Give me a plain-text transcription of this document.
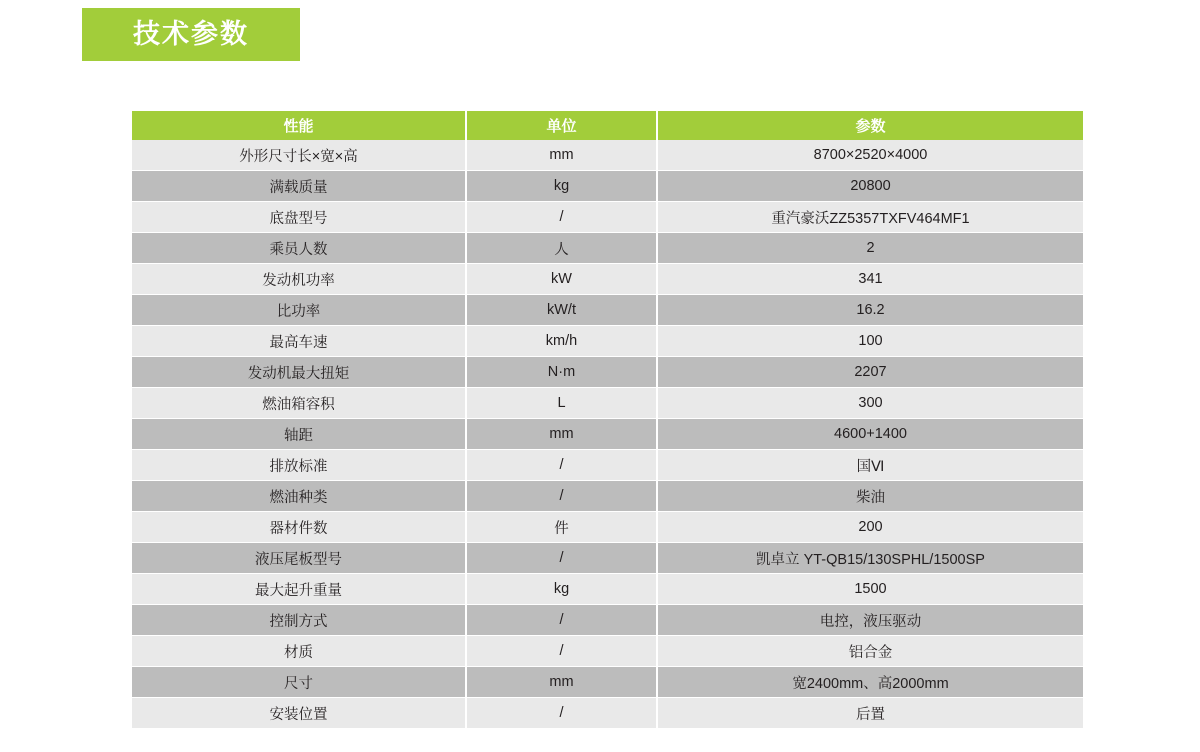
技术参数
性能	单位	参数
外形尺寸长×宽×高	mm	8700×2520×4000
满载质量	kg	20800
底盘型号	/	重汽豪沃ZZ5357TXFV464MF1
乘员人数	人	2
发动机功率	kW	341
比功率	kW/t	16.2
最高车速	km/h	100
发动机最大扭矩	N·m	2207
燃油箱容积	L	300
轴距	mm	4600+1400
排放标准	/	国Ⅵ
燃油种类	/	柴油
器材件数	件	200
液压尾板型号	/	凯卓立 YT-QB15/130SPHL/1500SP
最大起升重量	kg	1500
控制方式	/	电控，液压驱动
材质	/	铝合金
尺寸	mm	宽2400mm、高2000mm
安装位置	/	后置
